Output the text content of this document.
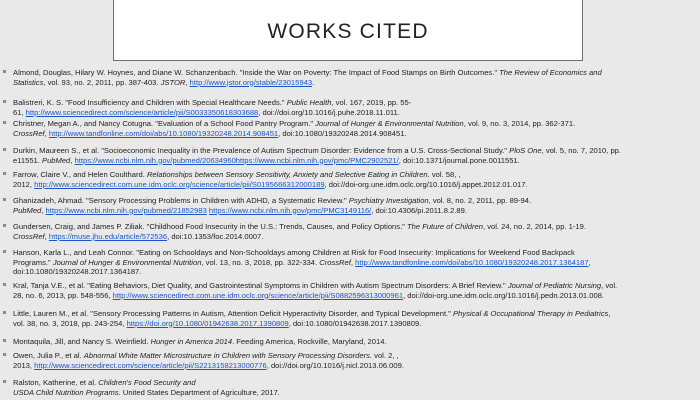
WORKS CITED
Almond, Douglas, Hilary W. Hoynes, and Diane W. Schanzenbach. "Inside the War on Poverty: The Impact of Food Stamps on Birth Outcomes." The Review of Economics and
Statistics, vol. 93, no. 2, 2011, pp. 387-403. JSTOR, http://www.jstor.org/stable/23015943.
Balistreri, K. S. "Food Insufficiency and Children with Special Healthcare Needs." Public Health, vol. 167, 2019, pp. 55-
61, http://www.sciencedirect.com/science/article/pii/S0033350618303688, doi://doi.org/10.1016/j.puhe.2018.11.011.
Christner, Megan A., and Nancy Cotugna. "Evaluation of a School Food Pantry Program." Journal of Hunger & Environmental Nutrition, vol. 9, no. 3, 2014, pp. 362-371.
CrossRef, http://www.tandfonline.com/doi/abs/10.1080/19320248.2014.908451, doi:10.1080/19320248.2014.908451.
Durkin, Maureen S., et al. "Socioeconomic Inequality in the Prevalence of Autism Spectrum Disorder: Evidence from a U.S. Cross-Sectional Study." PloS One, vol. 5, no. 7, 2010, pp.
e11551. PubMed, https://www.ncbi.nlm.nih.gov/pubmed/20634960https://www.ncbi.nlm.nih.gov/pmc/PMC2902521/, doi:10.1371/journal.pone.0011551.
Farrow, Claire V., and Helen Coulthard. Relationships between Sensory Sensitivity, Anxiety and Selective Eating in Children. vol. 58, ,
2012, http://www.sciencedirect.com.une.idm.oclc.org/science/article/pii/S0195666312000189, doi://doi-org.une.idm.oclc.org/10.1016/j.appet.2012.01.017.
Ghanizadeh, Ahmad. "Sensory Processing Problems in Children with ADHD, a Systematic Review." Psychiatry Investigation, vol. 8, no. 2, 2011, pp. 89-94.
PubMed, https://www.ncbi.nlm.nih.gov/pubmed/21852983 https://www.ncbi.nlm.nih.gov/pmc/PMC3149116/, doi:10.4306/pi.2011.8.2.89.
Gundersen, Craig, and James P. Ziliak. "Childhood Food Insecurity in the U.S.: Trends, Causes, and Policy Options." The Future of Children, vol. 24, no. 2, 2014, pp. 1-19.
CrossRef, https://muse.jhu.edu/article/572536, doi:10.1353/foc.2014.0007.
Hanson, Karla L., and Leah Connor. "Eating on Schooldays and Non-Schooldays among Children at Risk for Food Insecurity: Implications for Weekend Food Backpack
Programs." Journal of Hunger & Environmental Nutrition, vol. 13, no. 3, 2018, pp. 322-334. CrossRef, http://www.tandfonline.com/doi/abs/10.1080/19320248.2017.1364187,
doi:10.1080/19320248.2017.1364187.
Kral, Tanja V.E., et al. "Eating Behaviors, Diet Quality, and Gastrointestinal Symptoms in Children with Autism Spectrum Disorders: A Brief Review." Journal of Pediatric Nursing, vol.
28, no. 6, 2013, pp. 548-556, http://www.sciencedirect.com.une.idm.oclc.org/science/article/pii/S0882596313000961, doi://doi-org.une.idm.oclc.org/10.1016/j.pedn.2013.01.008.
Little, Lauren M., et al. "Sensory Processing Patterns in Autism, Attention Deficit Hyperactivity Disorder, and Typical Development." Physical & Occupational Therapy in Pediatrics,
vol. 38, no. 3, 2018, pp. 243-254, https://doi.org/10.1080/01942638.2017.1390809, doi:10.1080/01942638.2017.1390809.
Montaquila, Jill, and Nancy S. Weinfield. Hunger in America 2014. Feeding America, Rockville, Maryland, 2014.
Owen, Julia P., et al. Abnormal White Matter Microstructure in Children with Sensory Processing Disorders. vol. 2, ,
2013, http://www.sciencedirect.com/science/article/pii/S2213158213000776, doi://doi.org/10.1016/j.nicl.2013.06.009.
Ralston, Katherine, et al. Children's Food Security and
USDA Child Nutrition Programs. United States Department of Agriculture, 2017.
